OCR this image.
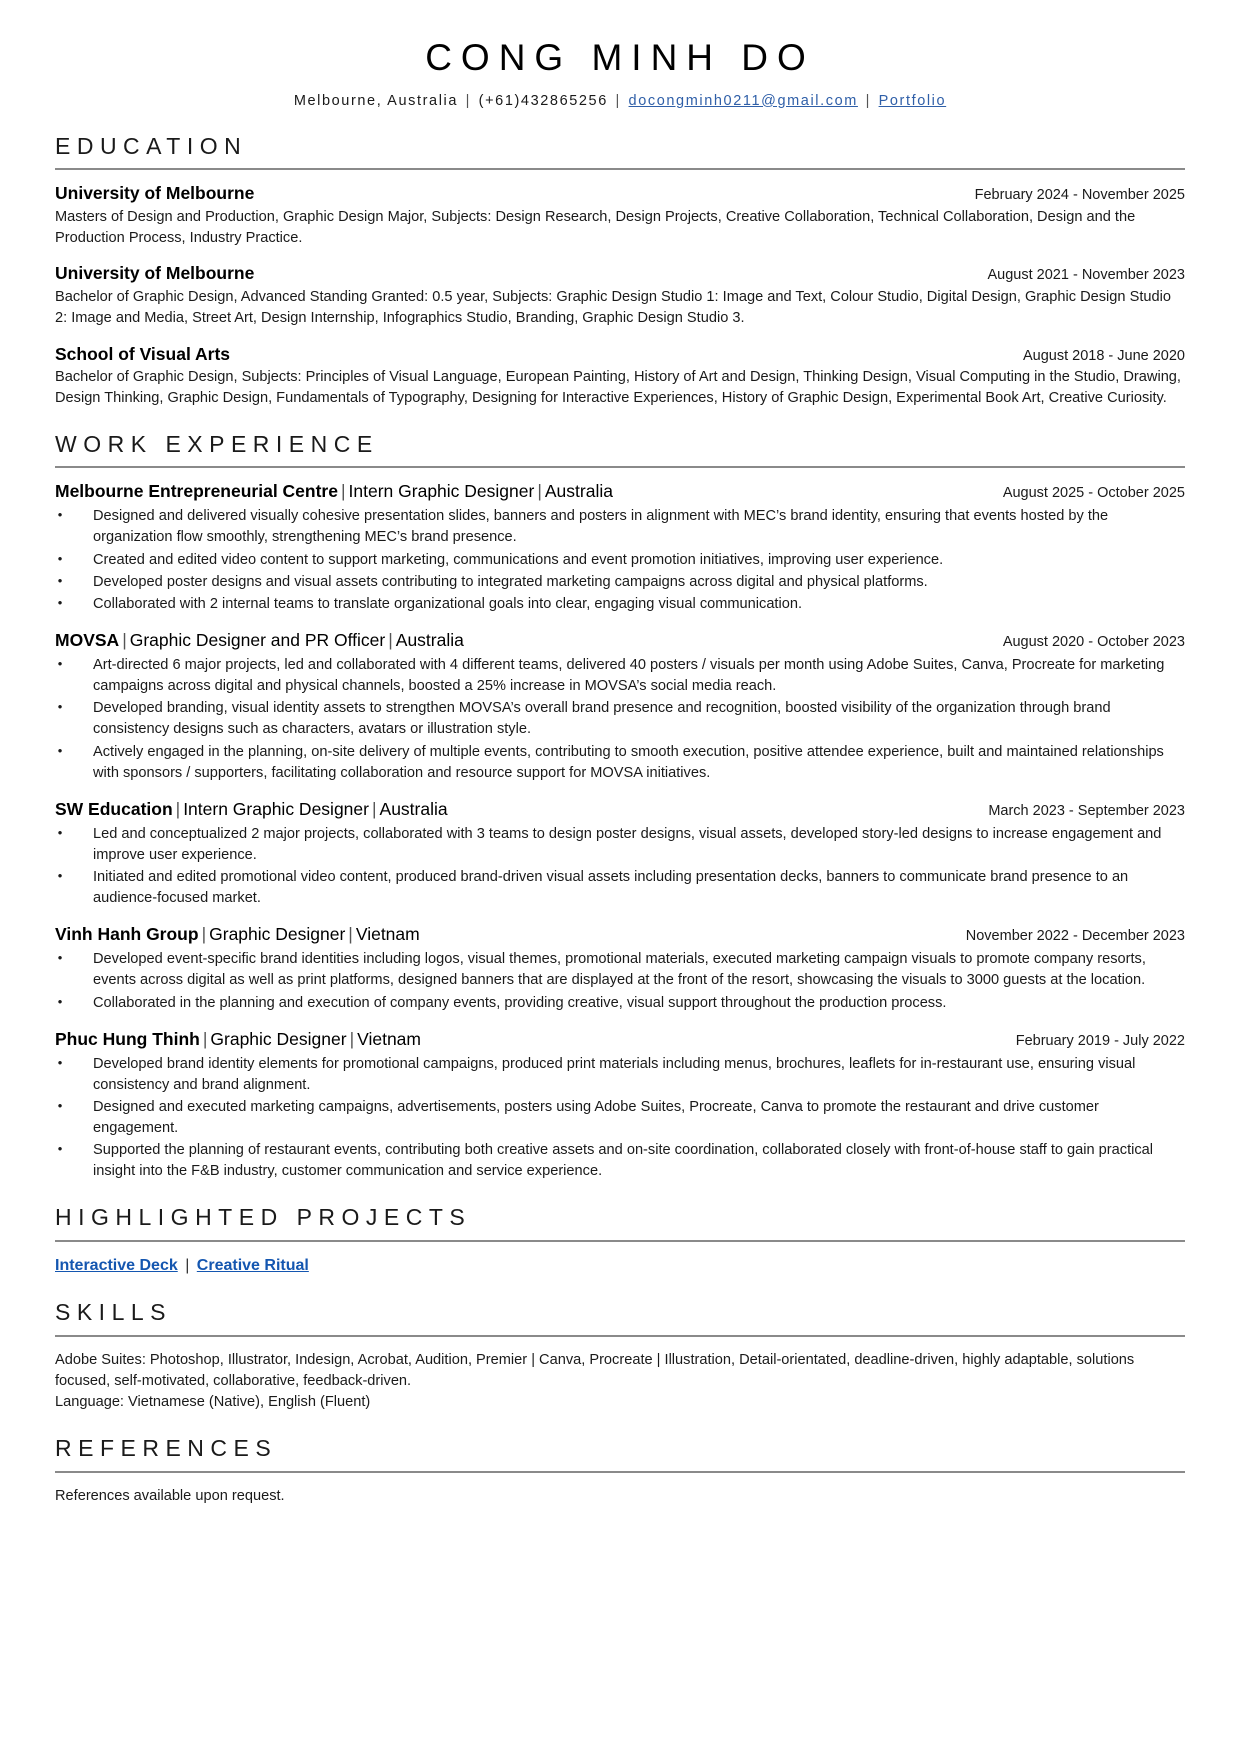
CONG MINH DO
Melbourne, Australia | (+61)432865256 | docongminh0211@gmail.com | Portfolio
EDUCATION
University of Melbourne	February 2024 - November 2025
Masters of Design and Production, Graphic Design Major, Subjects: Design Research, Design Projects, Creative Collaboration, Technical Collaboration, Design and the Production Process, Industry Practice.
University of Melbourne	August 2021 - November 2023
Bachelor of Graphic Design, Advanced Standing Granted: 0.5 year, Subjects: Graphic Design Studio 1: Image and Text, Colour Studio, Digital Design, Graphic Design Studio 2: Image and Media, Street Art, Design Internship, Infographics Studio, Branding, Graphic Design Studio 3.
School of Visual Arts	August 2018 - June 2020
Bachelor of Graphic Design, Subjects: Principles of Visual Language, European Painting, History of Art and Design, Thinking Design, Visual Computing in the Studio, Drawing, Design Thinking, Graphic Design, Fundamentals of Typography, Designing for Interactive Experiences, History of Graphic Design, Experimental Book Art, Creative Curiosity.
WORK EXPERIENCE
Melbourne Entrepreneurial Centre | Intern Graphic Designer | Australia	August 2025 - October 2025
• Designed and delivered visually cohesive presentation slides, banners and posters in alignment with MEC’s brand identity, ensuring that events hosted by the organization flow smoothly, strengthening MEC’s brand presence.
• Created and edited video content to support marketing, communications and event promotion initiatives, improving user experience.
• Developed poster designs and visual assets contributing to integrated marketing campaigns across digital and physical platforms.
• Collaborated with 2 internal teams to translate organizational goals into clear, engaging visual communication.
MOVSA | Graphic Designer and PR Officer | Australia	August 2020 - October 2023
• Art-directed 6 major projects, led and collaborated with 4 different teams, delivered 40 posters / visuals per month using Adobe Suites, Canva, Procreate for marketing campaigns across digital and physical channels, boosted a 25% increase in MOVSA’s social media reach.
• Developed branding, visual identity assets to strengthen MOVSA’s overall brand presence and recognition, boosted visibility of the organization through brand consistency designs such as characters, avatars or illustration style.
• Actively engaged in the planning, on-site delivery of multiple events, contributing to smooth execution, positive attendee experience, built and maintained relationships with sponsors / supporters, facilitating collaboration and resource support for MOVSA initiatives.
SW Education | Intern Graphic Designer | Australia	March 2023 - September 2023
• Led and conceptualized 2 major projects, collaborated with 3 teams to design poster designs, visual assets, developed story-led designs to increase engagement and improve user experience.
• Initiated and edited promotional video content, produced brand-driven visual assets including presentation decks, banners to communicate brand presence to an audience-focused market.
Vinh Hanh Group | Graphic Designer | Vietnam	November 2022 - December 2023
• Developed event-specific brand identities including logos, visual themes, promotional materials, executed marketing campaign visuals to promote company resorts, events across digital as well as print platforms, designed banners that are displayed at the front of the resort, showcasing the visuals to 3000 guests at the location.
• Collaborated in the planning and execution of company events, providing creative, visual support throughout the production process.
Phuc Hung Thinh | Graphic Designer | Vietnam	February 2019 - July 2022
• Developed brand identity elements for promotional campaigns, produced print materials including menus, brochures, leaflets for in-restaurant use, ensuring visual consistency and brand alignment.
• Designed and executed marketing campaigns, advertisements, posters using Adobe Suites, Procreate, Canva to promote the restaurant and drive customer engagement.
• Supported the planning of restaurant events, contributing both creative assets and on-site coordination, collaborated closely with front-of-house staff to gain practical insight into the F&B industry, customer communication and service experience.
HIGHLIGHTED PROJECTS
Interactive Deck | Creative Ritual
SKILLS
Adobe Suites: Photoshop, Illustrator, Indesign, Acrobat, Audition, Premier | Canva, Procreate | Illustration, Detail-orientated, deadline-driven, highly adaptable, solutions focused, self-motivated, collaborative, feedback-driven.
Language: Vietnamese (Native), English (Fluent)
REFERENCES
References available upon request.
